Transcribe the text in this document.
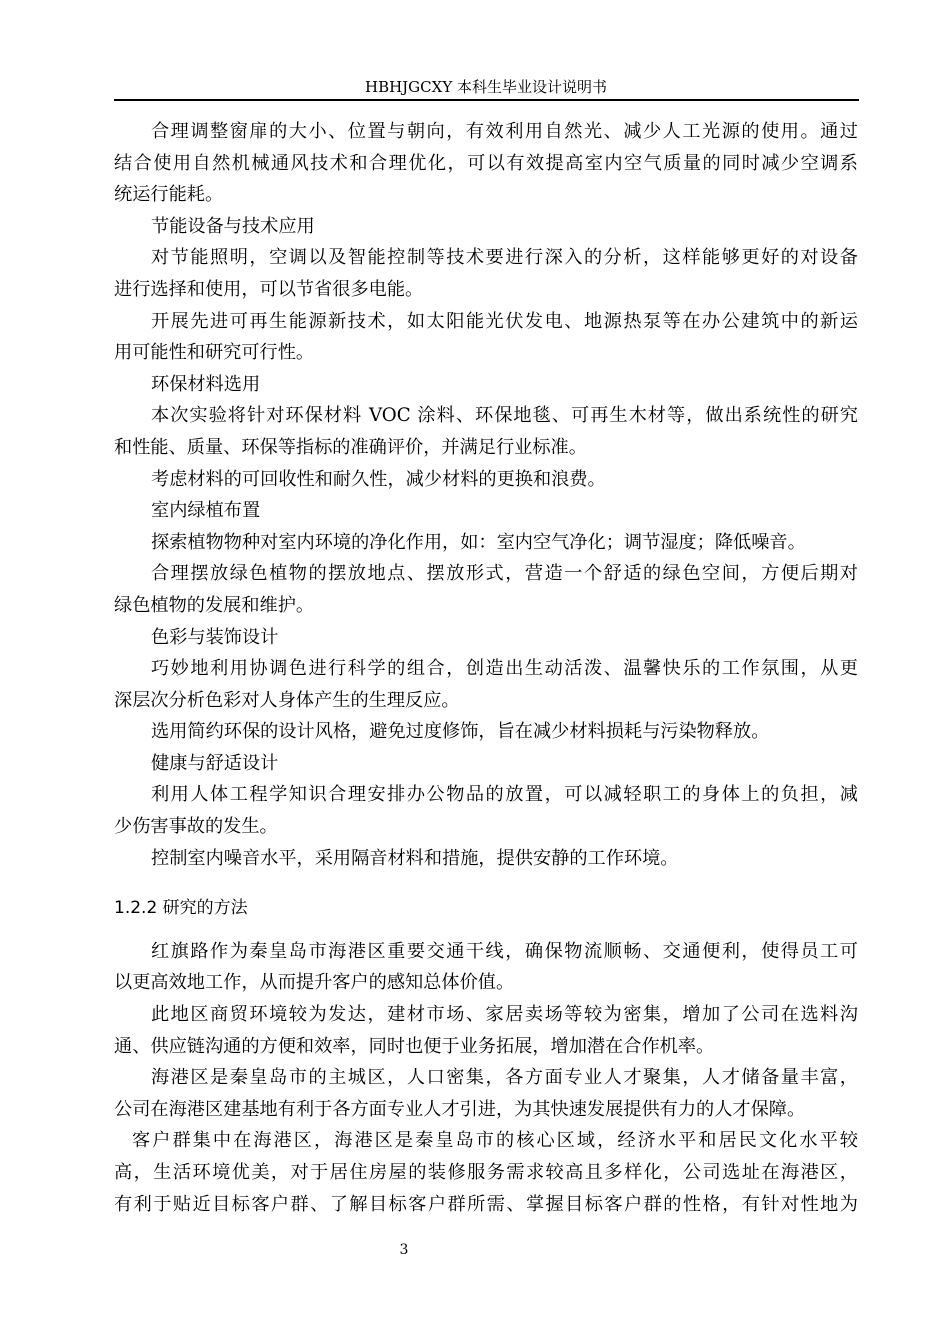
HBHJGCXY 本科生毕业设计说明书
合理调整窗扉的大小、位置与朝向，有效利用自然光、减少人工光源的使用。通过
结合使用自然机械通风技术和合理优化，可以有效提高室内空气质量的同时减少空调系
统运行能耗。
节能设备与技术应用
对节能照明，空调以及智能控制等技术要进行深入的分析，这样能够更好的对设备
进行选择和使用，可以节省很多电能。
开展先进可再生能源新技术，如太阳能光伏发电、地源热泵等在办公建筑中的新运
用可能性和研究可行性。
环保材料选用
本次实验将针对环保材料 VOC 涂料、环保地毯、可再生木材等，做出系统性的研究
和性能、质量、环保等指标的准确评价，并满足行业标准。
考虑材料的可回收性和耐久性，减少材料的更换和浪费。
室内绿植布置
探索植物物种对室内环境的净化作用，如：室内空气净化；调节湿度；降低噪音。
合理摆放绿色植物的摆放地点、摆放形式，营造一个舒适的绿色空间，方便后期对
绿色植物的发展和维护。
色彩与装饰设计
巧妙地利用协调色进行科学的组合，创造出生动活泼、温馨快乐的工作氛围，从更
深层次分析色彩对人身体产生的生理反应。
选用简约环保的设计风格，避免过度修饰，旨在减少材料损耗与污染物释放。
健康与舒适设计
利用人体工程学知识合理安排办公物品的放置，可以减轻职工的身体上的负担，减
少伤害事故的发生。
控制室内噪音水平，采用隔音材料和措施，提供安静的工作环境。
1.2.2 研究的方法
红旗路作为秦皇岛市海港区重要交通干线，确保物流顺畅、交通便利，使得员工可
以更高效地工作，从而提升客户的感知总体价值。
此地区商贸环境较为发达，建材市场、家居卖场等较为密集，增加了公司在选料沟
通、供应链沟通的方便和效率，同时也便于业务拓展，增加潜在合作机率。
海港区是秦皇岛市的主城区，人口密集，各方面专业人才聚集，人才储备量丰富，
公司在海港区建基地有利于各方面专业人才引进，为其快速发展提供有力的人才保障。
客户群集中在海港区，海港区是秦皇岛市的核心区域，经济水平和居民文化水平较
高，生活环境优美，对于居住房屋的装修服务需求较高且多样化，公司选址在海港区，
有利于贴近目标客户群、了解目标客户群所需、掌握目标客户群的性格，有针对性地为
3
